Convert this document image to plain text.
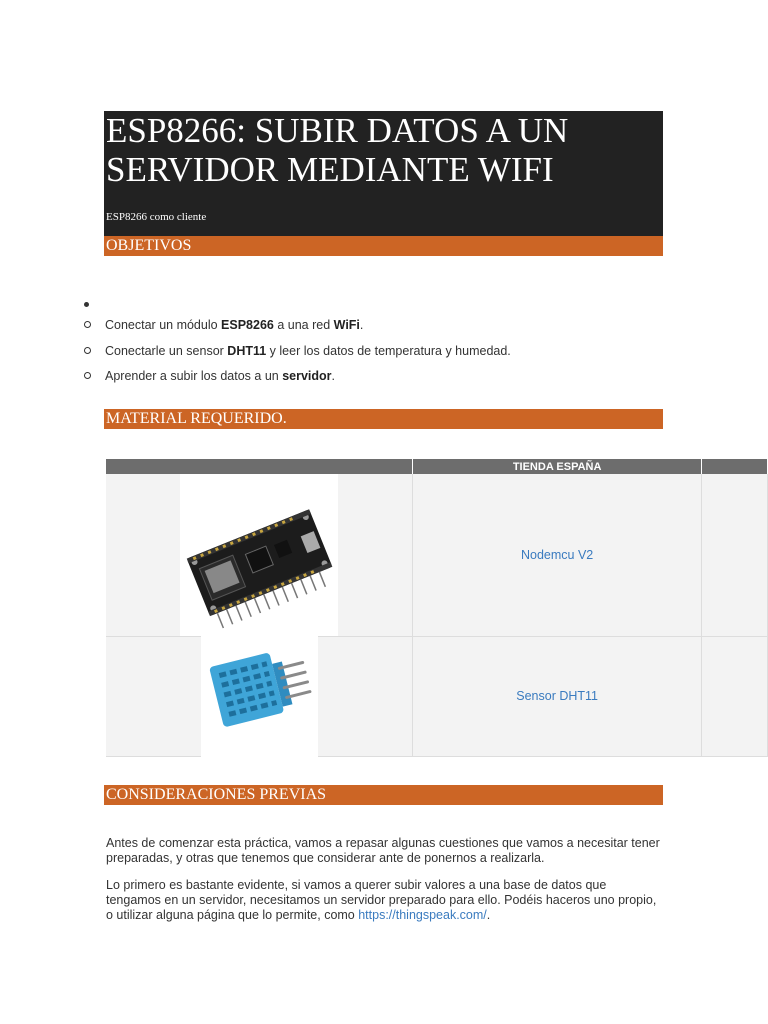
ESP8266: SUBIR DATOS A UN SERVIDOR MEDIANTE WIFI
ESP8266 como cliente
OBJETIVOS
Conectar un módulo ESP8266 a una red WiFi.
Conectarle un sensor DHT11 y leer los datos de temperatura y humedad.
Aprender a subir los datos a un servidor.
MATERIAL REQUERIDO.
	TIENDA ESPAÑA	

	Nodemcu V2	

	Sensor DHT11	
CONSIDERACIONES PREVIAS
Antes de comenzar esta práctica, vamos a repasar algunas cuestiones que vamos a necesitar tener preparadas, y otras que tenemos que considerar ante de ponernos a realizarla.
Lo primero es bastante evidente, si vamos a querer subir valores a una base de datos que tengamos en un servidor, necesitamos un servidor preparado para ello. Podéis haceros uno propio, o utilizar alguna página que lo permite, como https://thingspeak.com/.
